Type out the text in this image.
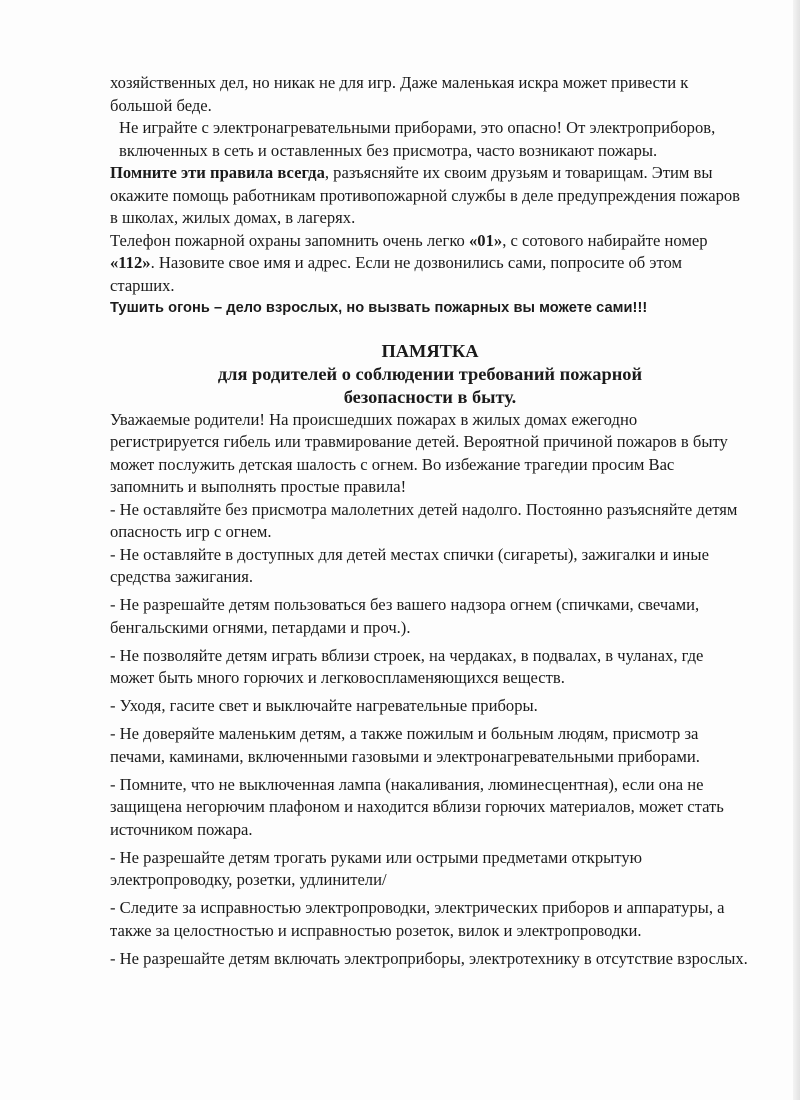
хозяйственных дел, но никак не для игр. Даже маленькая искра может привести к большой беде.

Не играйте с электронагревательными приборами, это опасно! От электроприборов, включенных в сеть и оставленных без присмотра, часто возникают пожары.

Помните эти правила всегда, разъясняйте их своим друзьям и товарищам. Этим вы окажите помощь работникам противопожарной службы в деле предупреждения пожаров в школах, жилых домах, в лагерях.

Телефон пожарной охраны запомнить очень легко «01», с сотового набирайте номер «112». Назовите свое имя и адрес. Если не дозвонились сами, попросите об этом старших.

Тушить огонь – дело взрослых, но вызвать пожарных вы можете сами!!!

ПАМЯТКА

для родителей о соблюдении требований пожарной

безопасности в быту.

Уважаемые родители! На происшедших пожарах в жилых домах ежегодно регистрируется гибель или травмирование детей. Вероятной причиной пожаров в быту может послужить детская шалость с огнем. Во избежание трагедии просим Вас запомнить и выполнять простые правила!

- Не оставляйте без присмотра малолетних детей надолго. Постоянно разъясняйте детям опасность игр с огнем.

- Не оставляйте в доступных для детей местах спички (сигареты), зажигалки и иные средства зажигания.

- Не разрешайте детям пользоваться без вашего надзора огнем (спичками, свечами, бенгальскими огнями, петардами и проч.).

- Не позволяйте детям играть вблизи строек, на чердаках, в подвалах, в чуланах, где может быть много горючих и легковоспламеняющихся веществ.

- Уходя, гасите свет и выключайте нагревательные приборы.

- Не доверяйте маленьким детям, а также пожилым и больным людям, присмотр за печами, каминами, включенными газовыми и электронагревательными приборами.

- Помните, что не выключенная лампа (накаливания, люминесцентная), если она не защищена негорючим плафоном и находится вблизи горючих материалов, может стать источником пожара.

- Не разрешайте детям трогать руками или острыми предметами открытую электропроводку, розетки, удлинители/

- Следите за исправностью электропроводки, электрических приборов и аппаратуры, а также за целостностью и исправностью розеток, вилок и электропроводки.

- Не разрешайте детям включать электроприборы, электротехнику в отсутствие взрослых.
